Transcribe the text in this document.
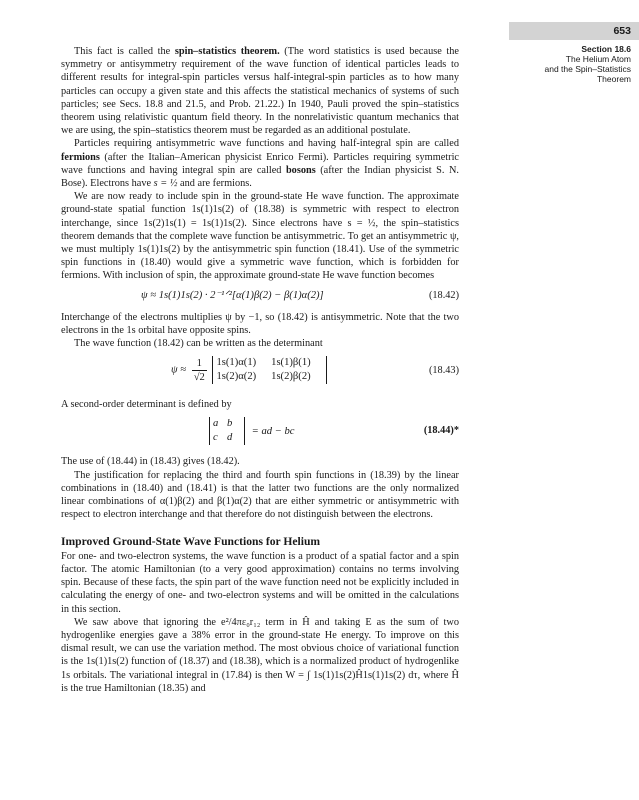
653
Section 18.6
The Helium Atom
and the Spin–Statistics
Theorem

This fact is called the spin–statistics theorem. (The word statistics is used because the symmetry or antisymmetry requirement of the wave function of identical particles leads to different results for integral-spin particles versus half-integral-spin particles as to how many particles can occupy a given state and this affects the statistical mechanics of systems of such particles; see Secs. 18.8 and 21.5, and Prob. 21.22.) In 1940, Pauli proved the spin–statistics theorem using relativistic quantum field theory. In the nonrelativistic quantum mechanics that we are using, the spin–statistics theorem must be regarded as an additional postulate.

Particles requiring antisymmetric wave functions and having half-integral spin are called fermions (after the Italian–American physicist Enrico Fermi). Particles requiring symmetric wave functions and having integral spin are called bosons (after the Indian physicist S. N. Bose). Electrons have s = ½ and are fermions.

We are now ready to include spin in the ground-state He wave function. The approximate ground-state spatial function 1s(1)1s(2) of (18.38) is symmetric with respect to electron interchange, since 1s(2)1s(1) = 1s(1)1s(2). Since electrons have s = ½, the spin–statistics theorem demands that the complete wave function be antisymmetric. To get an antisymmetric ψ, we must multiply 1s(1)1s(2) by the antisymmetric spin function (18.41). Use of the symmetric spin functions in (18.40) would give a symmetric wave function, which is forbidden for fermions. With inclusion of spin, the approximate ground-state He wave function becomes

ψ ≈ 1s(1)1s(2) · 2⁻¹ᐟ²[α(1)β(2) − β(1)α(2)]	(18.42)

Interchange of the electrons multiplies ψ by −1, so (18.42) is antisymmetric. Note that the two electrons in the 1s orbital have opposite spins.

The wave function (18.42) can be written as the determinant

$\psi \approx \frac{1}{√2}$
1s(1)α(1) 1s(1)β(1)
1s(2)α(2) 1s(2)β(2)
(18.43)

A second-order determinant is defined by

a b
c d
= ad − bc	(18.44)*

The use of (18.44) in (18.43) gives (18.42).

The justification for replacing the third and fourth spin functions in (18.39) by the linear combinations in (18.40) and (18.41) is that the latter two functions are the only normalized linear combinations of α(1)β(2) and β(1)α(2) that are either symmetric or antisymmetric with respect to electron interchange and that therefore do not distinguish between the electrons.

Improved Ground-State Wave Functions for Helium

For one- and two-electron systems, the wave function is a product of a spatial factor and a spin factor. The atomic Hamiltonian (to a very good approximation) contains no terms involving spin. Because of these facts, the spin part of the wave function need not be explicitly included in calculating the energy of one- and two-electron systems and will be omitted in the calculations in this section.

We saw above that ignoring the e²/4πε₀r₁₂ term in Ĥ and taking E as the sum of two hydrogenlike energies gave a 38% error in the ground-state He energy. To improve on this dismal result, we can use the variation method. The most obvious choice of variational function is the 1s(1)1s(2) function of (18.37) and (18.38), which is a normalized product of hydrogenlike 1s orbitals. The variational integral in (17.84) is then W = ∫ 1s(1)1s(2)Ĥ1s(1)1s(2) dτ, where Ĥ is the true Hamiltonian (18.35) and
